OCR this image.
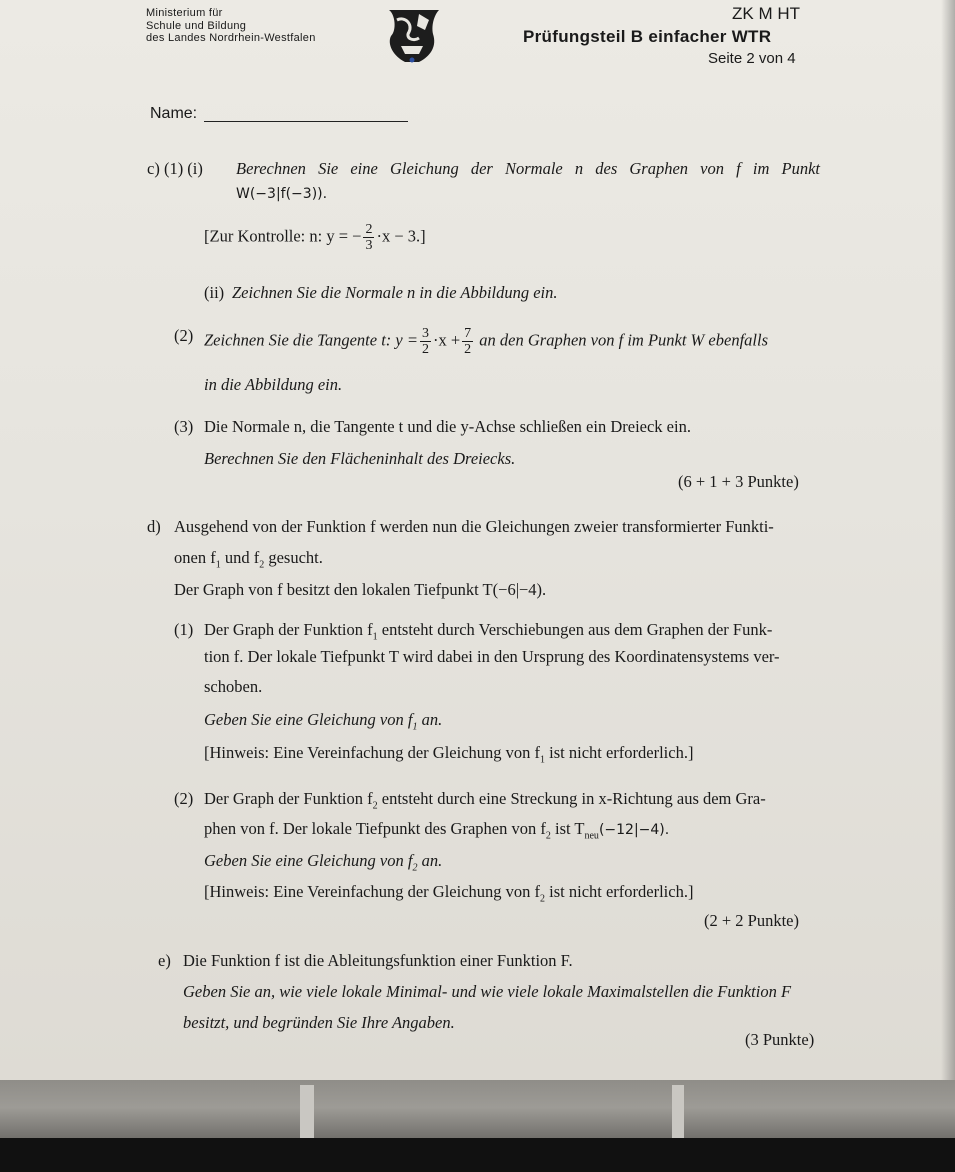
Ministerium für
Schule und Bildung
des Landes Nordrhein-Westfalen
ZK M HT
Prüfungsteil B einfacher WTR
Seite 2 von 4
Name:
c) (1) (i) Berechnen Sie eine Gleichung der Normale n des Graphen von f im Punkt
W(−3|f(−3)).
[Zur Kontrolle: n: y = − $\frac{2}{3} \cdot x - 3$.]
(ii) Zeichnen Sie die Normale n in die Abbildung ein.
(2) Zeichnen Sie die Tangente t: $y = \frac{3}{2} \cdot x + \frac{7}{2}$ an den Graphen von f im Punkt W ebenfalls
in die Abbildung ein.
(3) Die Normale n, die Tangente t und die y-Achse schließen ein Dreieck ein.
Berechnen Sie den Flächeninhalt des Dreiecks.
(6 + 1 + 3 Punkte)
d) Ausgehend von der Funktion f werden nun die Gleichungen zweier transformierter Funkti-
onen $f_1$ und $f_2$ gesucht.
Der Graph von f besitzt den lokalen Tiefpunkt T(−6|−4).
(1) Der Graph der Funktion $f_1$ entsteht durch Verschiebungen aus dem Graphen der Funk-
tion f. Der lokale Tiefpunkt T wird dabei in den Ursprung des Koordinatensystems ver-
schoben.
Geben Sie eine Gleichung von $f_1$ an.
[Hinweis: Eine Vereinfachung der Gleichung von $f_1$ ist nicht erforderlich.]
(2) Der Graph der Funktion $f_2$ entsteht durch eine Streckung in x-Richtung aus dem Gra-
phen von f. Der lokale Tiefpunkt des Graphen von $f_2$ ist $T_{neu}(-12|-4)$.
Geben Sie eine Gleichung von $f_2$ an.
[Hinweis: Eine Vereinfachung der Gleichung von $f_2$ ist nicht erforderlich.]
(2 + 2 Punkte)
e) Die Funktion f ist die Ableitungsfunktion einer Funktion F.
Geben Sie an, wie viele lokale Minimal- und wie viele lokale Maximalstellen die Funktion F
besitzt, und begründen Sie Ihre Angaben.
(3 Punkte)
